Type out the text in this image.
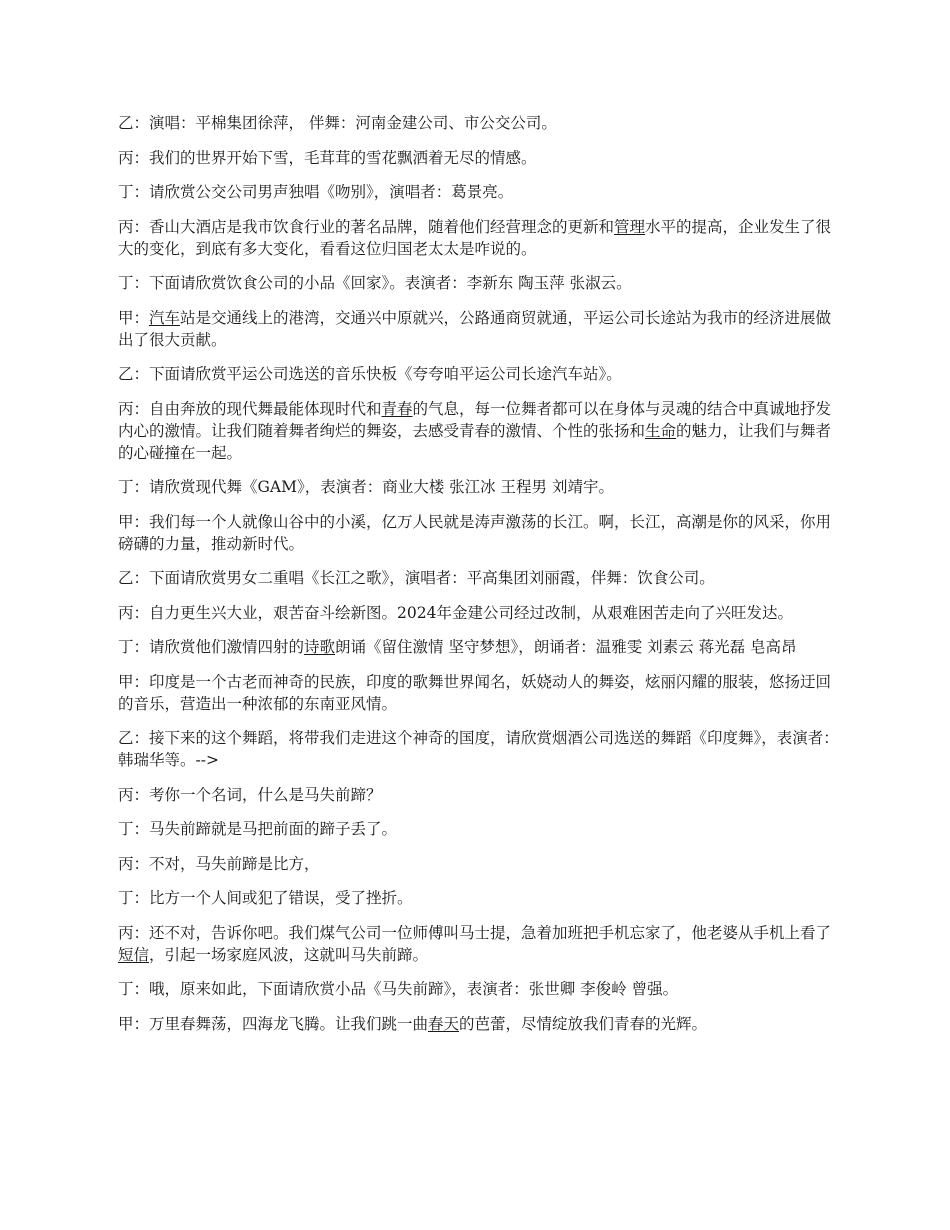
乙：演唱：平棉集团徐萍， 伴舞：河南金建公司、市公交公司。

丙：我们的世界开始下雪，毛茸茸的雪花飘洒着无尽的情感。

丁：请欣赏公交公司男声独唱《吻别》，演唱者：葛景亮。

丙：香山大酒店是我市饮食行业的著名品牌，随着他们经营理念的更新和管理水平的提高，企业发生了很大的变化，到底有多大变化，看看这位归国老太太是咋说的。

丁：下面请欣赏饮食公司的小品《回家》。表演者：李新东 陶玉萍 张淑云。

甲：汽车站是交通线上的港湾，交通兴中原就兴，公路通商贸就通，平运公司长途站为我市的经济进展做出了很大贡献。

乙：下面请欣赏平运公司选送的音乐快板《夸夸咱平运公司长途汽车站》。

丙：自由奔放的现代舞最能体现时代和青春的气息，每一位舞者都可以在身体与灵魂的结合中真诚地抒发内心的激情。让我们随着舞者绚烂的舞姿，去感受青春的激情、个性的张扬和生命的魅力，让我们与舞者的心碰撞在一起。

丁：请欣赏现代舞《GAM》，表演者：商业大楼 张江冰 王程男 刘靖宇。

甲：我们每一个人就像山谷中的小溪，亿万人民就是涛声激荡的长江。啊，长江，高潮是你的风采，你用磅礴的力量，推动新时代。

乙：下面请欣赏男女二重唱《长江之歌》，演唱者：平高集团刘丽霞，伴舞：饮食公司。

丙：自力更生兴大业，艰苦奋斗绘新图。2024年金建公司经过改制，从艰难困苦走向了兴旺发达。

丁：请欣赏他们激情四射的诗歌朗诵《留住激情 坚守梦想》，朗诵者：温雅雯 刘素云 蒋光磊 皂高昂

甲：印度是一个古老而神奇的民族，印度的歌舞世界闻名，妖娆动人的舞姿，炫丽闪耀的服装，悠扬迂回的音乐，营造出一种浓郁的东南亚风情。

乙：接下来的这个舞蹈，将带我们走进这个神奇的国度，请欣赏烟酒公司选送的舞蹈《印度舞》，表演者：韩瑞华等。-->

丙：考你一个名词，什么是马失前蹄？

丁：马失前蹄就是马把前面的蹄子丢了。

丙：不对，马失前蹄是比方，

丁：比方一个人间或犯了错误，受了挫折。

丙：还不对，告诉你吧。我们煤气公司一位师傅叫马士提，急着加班把手机忘家了，他老婆从手机上看了短信，引起一场家庭风波，这就叫马失前蹄。

丁：哦，原来如此，下面请欣赏小品《马失前蹄》，表演者：张世卿 李俊岭 曾强。

甲：万里春舞荡，四海龙飞腾。让我们跳一曲春天的芭蕾，尽情绽放我们青春的光辉。
